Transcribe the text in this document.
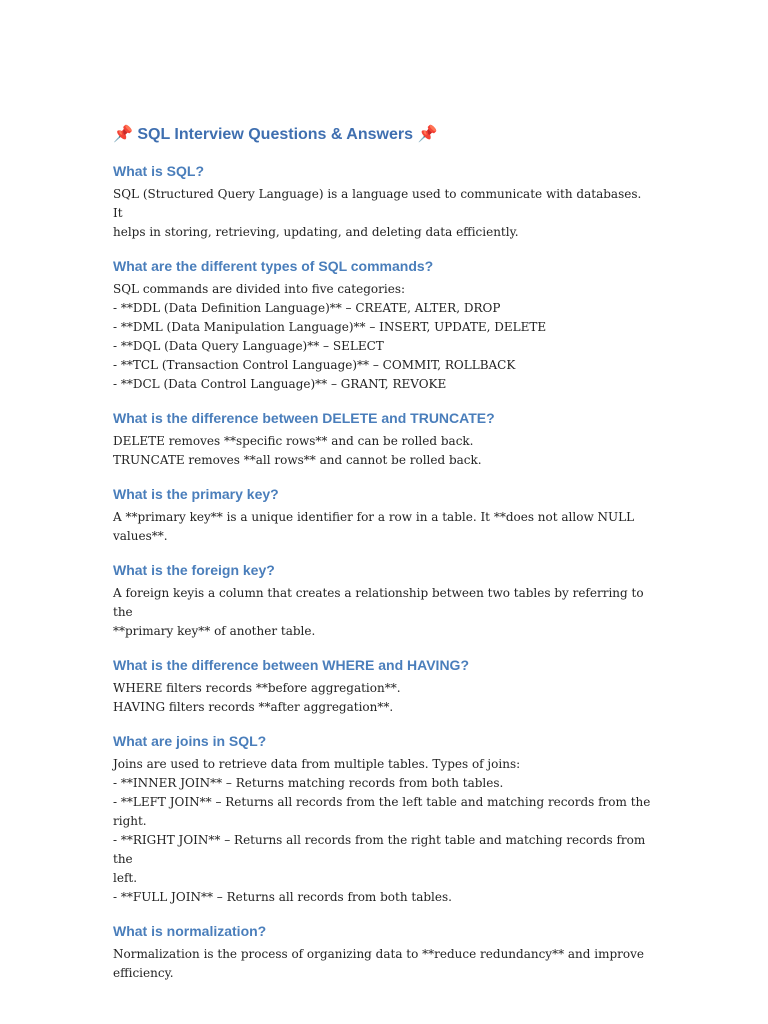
📌 SQL Interview Questions & Answers 📌
What is SQL?
SQL (Structured Query Language) is a language used to communicate with databases. It
helps in storing, retrieving, updating, and deleting data efficiently.
What are the different types of SQL commands?
SQL commands are divided into five categories:
- **DDL (Data Definition Language)** – CREATE, ALTER, DROP
- **DML (Data Manipulation Language)** – INSERT, UPDATE, DELETE
- **DQL (Data Query Language)** – SELECT
- **TCL (Transaction Control Language)** – COMMIT, ROLLBACK
- **DCL (Data Control Language)** – GRANT, REVOKE
What is the difference between DELETE and TRUNCATE?
DELETE removes **specific rows** and can be rolled back.
TRUNCATE removes **all rows** and cannot be rolled back.
What is the primary key?
A **primary key** is a unique identifier for a row in a table. It **does not allow NULL
values**.
What is the foreign key?
A foreign keyis a column that creates a relationship between two tables by referring to the
**primary key** of another table.
What is the difference between WHERE and HAVING?
WHERE filters records **before aggregation**.
HAVING filters records **after aggregation**.
What are joins in SQL?
Joins are used to retrieve data from multiple tables. Types of joins:
- **INNER JOIN** – Returns matching records from both tables.
- **LEFT JOIN** – Returns all records from the left table and matching records from the
right.
- **RIGHT JOIN** – Returns all records from the right table and matching records from the
left.
- **FULL JOIN** – Returns all records from both tables.
What is normalization?
Normalization is the process of organizing data to **reduce redundancy** and improve
efficiency.
